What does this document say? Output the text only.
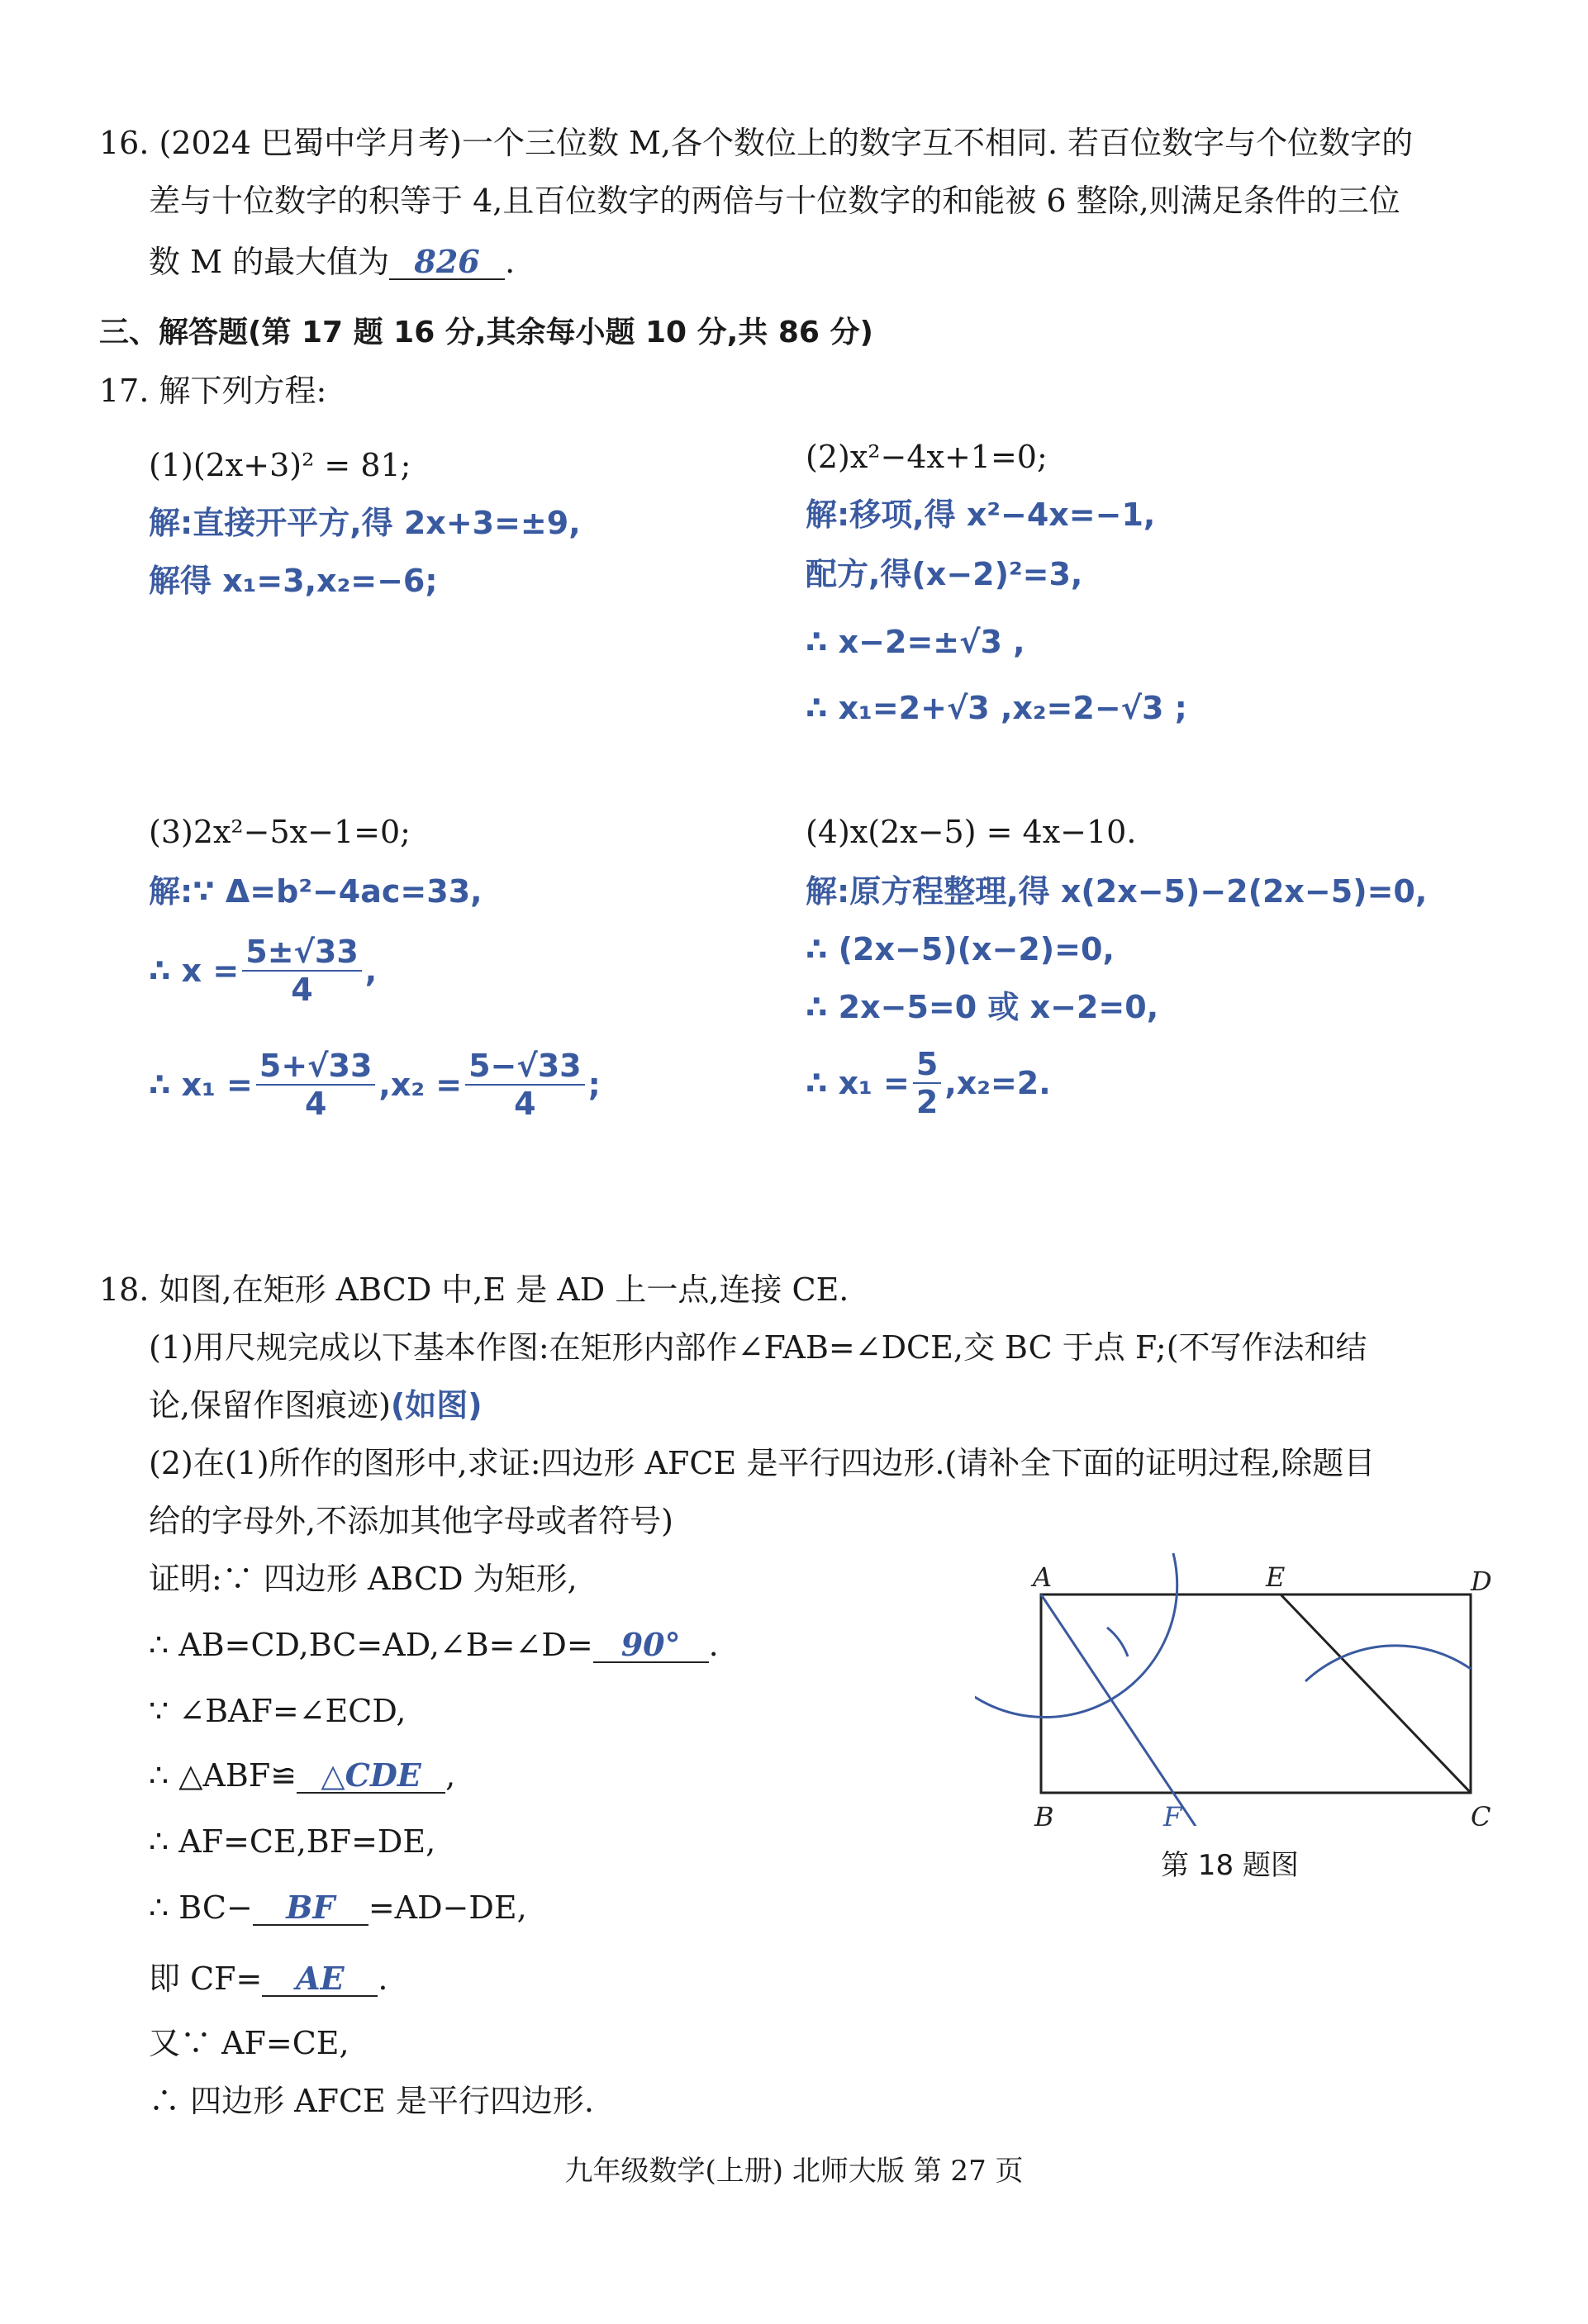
16. (2024 巴蜀中学月考)一个三位数 M,各个数位上的数字互不相同. 若百位数字与个位数字的
差与十位数字的积等于 4,且百位数字的两倍与十位数字的和能被 6 整除,则满足条件的三位
数 M 的最大值为 826 .
三、解答题(第 17 题 16 分,其余每小题 10 分,共 86 分)
17. 解下列方程:
(1)(2x+3)² = 81;
解:直接开平方,得 2x+3=±9,
解得 x₁=3,x₂=−6;
(2)x²−4x+1=0;
解:移项,得 x²−4x=−1,
配方,得(x−2)²=3,
∴ x−2=±√3 ,
∴ x₁=2+√3 ,x₂=2−√3 ;
(3)2x²−5x−1=0;
解:∵ Δ=b²−4ac=33,
∴ $x = \frac{5\pm√33}{4}$ ,
∴ $x_1 = \frac{5+√33}{4} ,x_2 = \frac{5-√33}{4}$ ;
(4)x(2x−5) = 4x−10.
解:原方程整理,得 x(2x−5)−2(2x−5)=0,
∴ (2x−5)(x−2)=0,
∴ 2x−5=0 或 x−2=0,
∴ $x_1 = \frac{5}{2} ,x_2=2$.
18. 如图,在矩形 ABCD 中,E 是 AD 上一点,连接 CE.
(1)用尺规完成以下基本作图:在矩形内部作∠FAB=∠DCE,交 BC 于点 F;(不写作法和结
论,保留作图痕迹)(如图)
(2)在(1)所作的图形中,求证:四边形 AFCE 是平行四边形.(请补全下面的证明过程,除题目
给的字母外,不添加其他字母或者符号)
证明:∵ 四边形 ABCD 为矩形,
∴ AB=CD,BC=AD,∠B=∠D= 90° .
∵ ∠BAF=∠ECD,
∴ △ABF≌ △CDE ,
∴ AF=CE,BF=DE,
∴ BC− BF =AD−DE,
即 CF= AE .
又∵ AF=CE,
∴ 四边形 AFCE 是平行四边形.
A	E	D
B	F	C
第 18 题图
九年级数学(上册) 北师大版 第 27 页
